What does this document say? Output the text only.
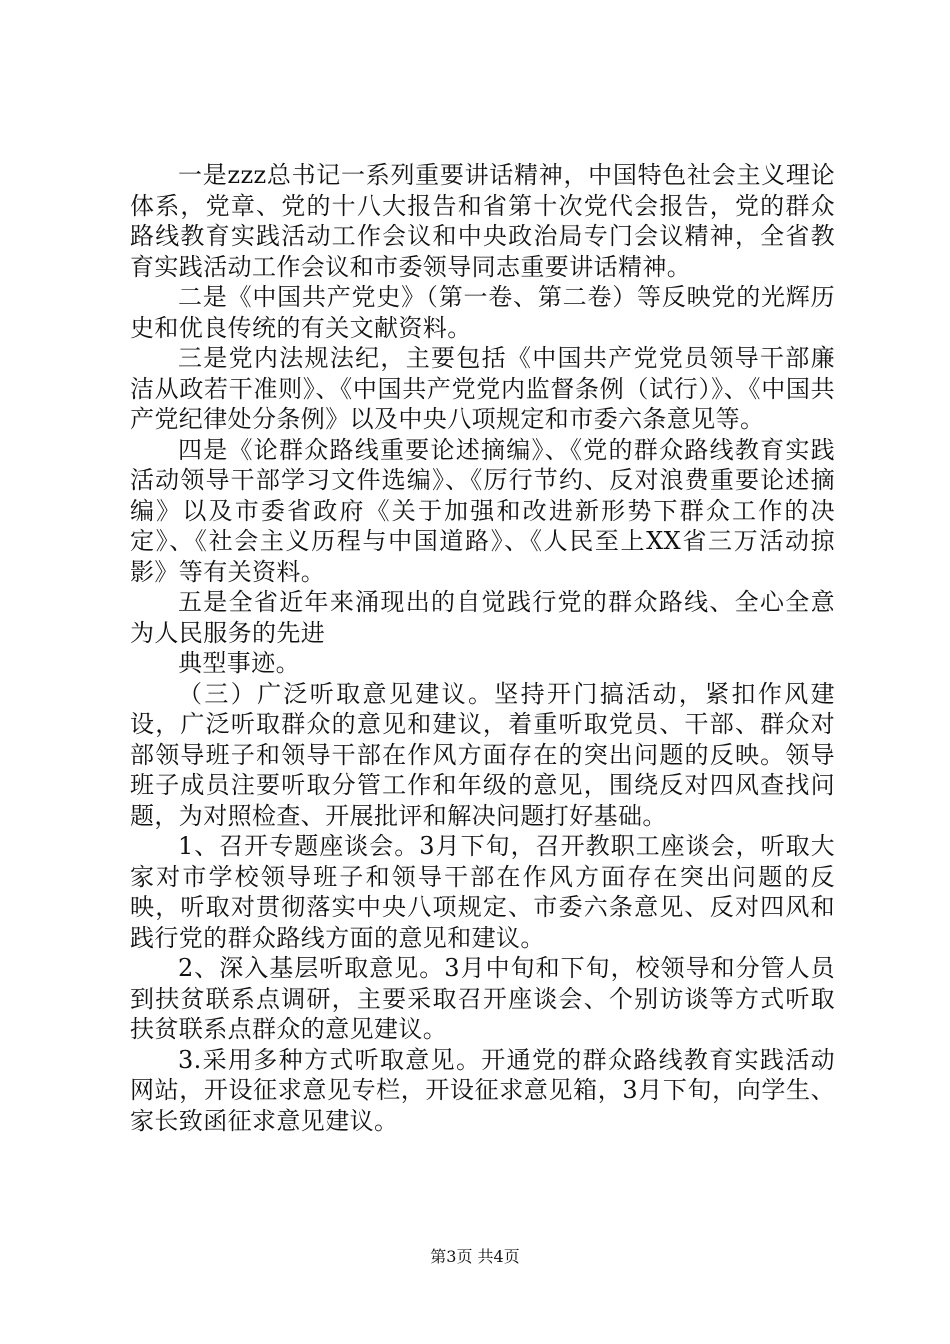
一是zzz总书记一系列重要讲话精神，中国特色社会主义理论体系，党章、党的十八大报告和省第十次党代会报告，党的群众路线教育实践活动工作会议和中央政治局专门会议精神，全省教育实践活动工作会议和市委领导同志重要讲话精神。

二是《中国共产党史》（第一卷、第二卷）等反映党的光辉历史和优良传统的有关文献资料。

三是党内法规法纪，主要包括《中国共产党党员领导干部廉洁从政若干准则》、《中国共产党党内监督条例（试行）》、《中国共产党纪律处分条例》以及中央八项规定和市委六条意见等。

四是《论群众路线重要论述摘编》、《党的群众路线教育实践活动领导干部学习文件选编》、《厉行节约、反对浪费重要论述摘编》以及市委省政府《关于加强和改进新形势下群众工作的决定》、《社会主义历程与中国道路》、《人民至上XX省三万活动掠影》等有关资料。

五是全省近年来涌现出的自觉践行党的群众路线、全心全意为人民服务的先进

典型事迹。

（三）广泛听取意见建议。坚持开门搞活动，紧扣作风建设，广泛听取群众的意见和建议，着重听取党员、干部、群众对部领导班子和领导干部在作风方面存在的突出问题的反映。领导班子成员注要听取分管工作和年级的意见，围绕反对四风查找问题，为对照检查、开展批评和解决问题打好基础。

1、召开专题座谈会。3月下旬，召开教职工座谈会，听取大家对市学校领导班子和领导干部在作风方面存在突出问题的反映，听取对贯彻落实中央八项规定、市委六条意见、反对四风和践行党的群众路线方面的意见和建议。

2、深入基层听取意见。3月中旬和下旬，校领导和分管人员到扶贫联系点调研，主要采取召开座谈会、个别访谈等方式听取扶贫联系点群众的意见建议。

3.采用多种方式听取意见。开通党的群众路线教育实践活动网站，开设征求意见专栏，开设征求意见箱，3月下旬，向学生、家长致函征求意见建议。

第3页 共4页
